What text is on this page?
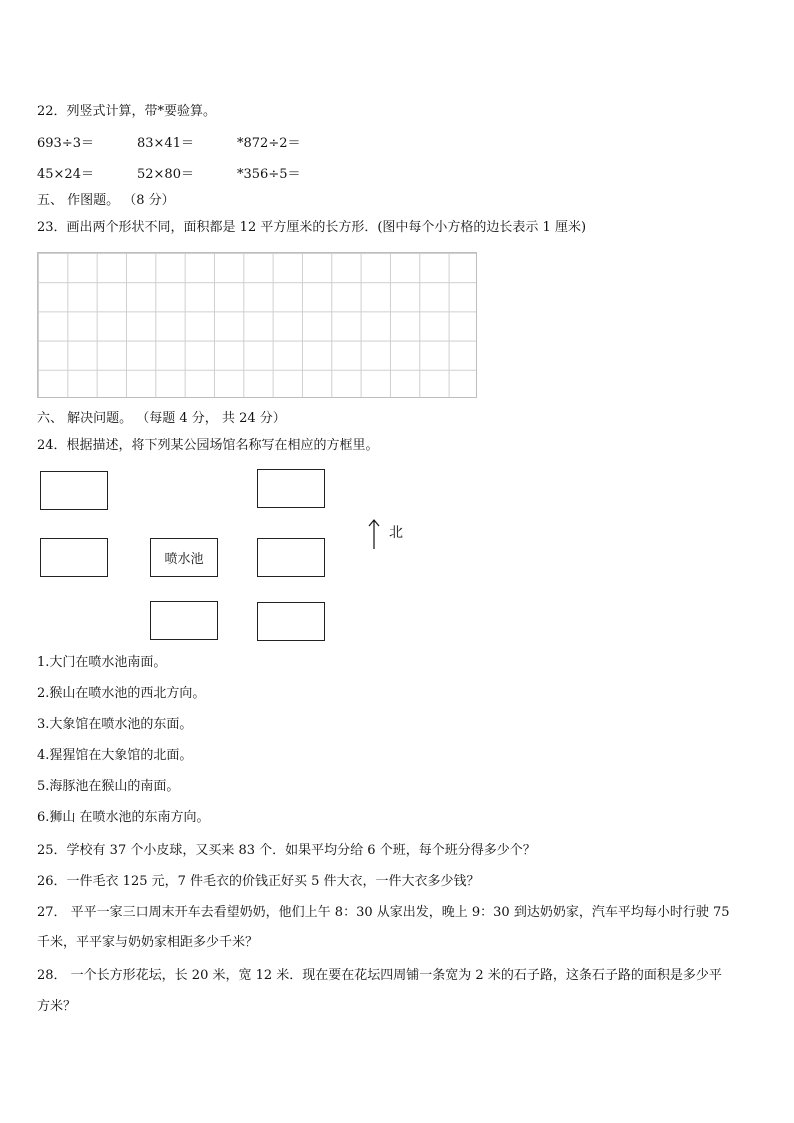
22．列竖式计算，带*要验算。
693÷3＝	83×41＝	*872÷2＝
45×24＝	52×80＝	*356÷5＝
五、 作图题。 （8 分）
23．画出两个形状不同，面积都是 12 平方厘米的长方形．(图中每个小方格的边长表示 1 厘米)
六、 解决问题。 （每题 4 分， 共 24 分）
24．根据描述，将下列某公园场馆名称写在相应的方框里。
喷水池
北
1.大门在喷水池南面。
2.猴山在喷水池的西北方向。
3.大象馆在喷水池的东面。
4.猩猩馆在大象馆的北面。
5.海豚池在猴山的南面。
6.狮山 在喷水池的东南方向。
25．学校有 37 个小皮球，又买来 83 个．如果平均分给 6 个班，每个班分得多少个？
26．一件毛衣 125 元，7 件毛衣的价钱正好买 5 件大衣，一件大衣多少钱？
27． 平平一家三口周末开车去看望奶奶，他们上午 8：30 从家出发，晚上 9：30 到达奶奶家，汽车平均每小时行驶 75
千米，平平家与奶奶家相距多少千米？
28． 一个长方形花坛，长 20 米，宽 12 米．现在要在花坛四周铺一条宽为 2 米的石子路，这条石子路的面积是多少平
方米？
